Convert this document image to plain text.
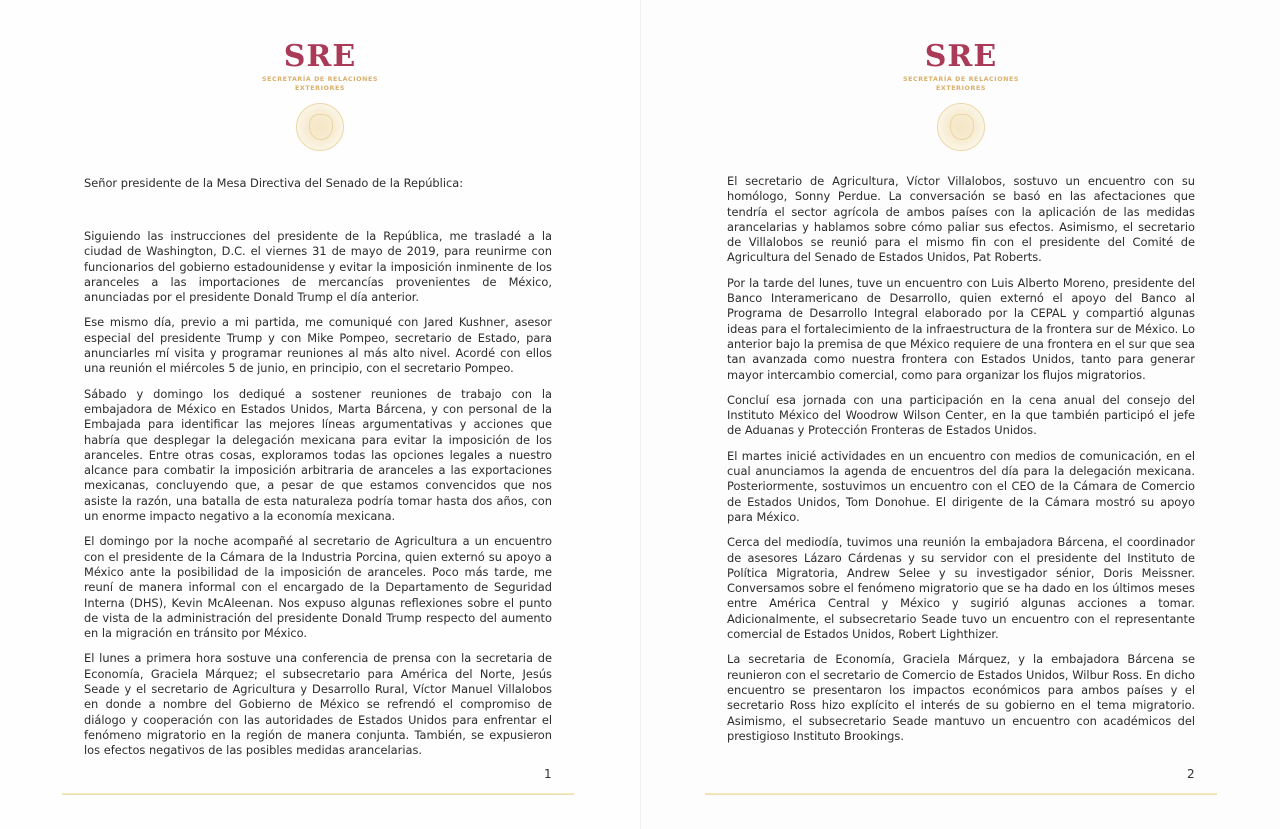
SRE
SECRETARÍA DE RELACIONES
EXTERIORES
Señor presidente de la Mesa Directiva del Senado de la República:

Siguiendo las instrucciones del presidente de la República, me trasladé a la ciudad de Washington, D.C. el viernes 31 de mayo de 2019, para reunirme con funcionarios del gobierno estadounidense y evitar la imposición inminente de los aranceles a las importaciones de mercancías provenientes de México, anunciadas por el presidente Donald Trump el día anterior.

Ese mismo día, previo a mi partida, me comuniqué con Jared Kushner, asesor especial del presidente Trump y con Mike Pompeo, secretario de Estado, para anunciarles mí visita y programar reuniones al más alto nivel. Acordé con ellos una reunión el miércoles 5 de junio, en principio, con el secretario Pompeo.

Sábado y domingo los dediqué a sostener reuniones de trabajo con la embajadora de México en Estados Unidos, Marta Bárcena, y con personal de la Embajada para identificar las mejores líneas argumentativas y acciones que habría que desplegar la delegación mexicana para evitar la imposición de los aranceles. Entre otras cosas, exploramos todas las opciones legales a nuestro alcance para combatir la imposición arbitraria de aranceles a las exportaciones mexicanas, concluyendo que, a pesar de que estamos convencidos que nos asiste la razón, una batalla de esta naturaleza podría tomar hasta dos años, con un enorme impacto negativo a la economía mexicana.

El domingo por la noche acompañé al secretario de Agricultura a un encuentro con el presidente de la Cámara de la Industria Porcina, quien externó su apoyo a México ante la posibilidad de la imposición de aranceles. Poco más tarde, me reuní de manera informal con el encargado de la Departamento de Seguridad Interna (DHS), Kevin McAleenan. Nos expuso algunas reflexiones sobre el punto de vista de la administración del presidente Donald Trump respecto del aumento en la migración en tránsito por México.

El lunes a primera hora sostuve una conferencia de prensa con la secretaria de Economía, Graciela Márquez; el subsecretario para América del Norte, Jesús Seade y el secretario de Agricultura y Desarrollo Rural, Víctor Manuel Villalobos en donde a nombre del Gobierno de México se refrendó el compromiso de diálogo y cooperación con las autoridades de Estados Unidos para enfrentar el fenómeno migratorio en la región de manera conjunta. También, se expusieron los efectos negativos de las posibles medidas arancelarias.

1
SRE
SECRETARÍA DE RELACIONES
EXTERIORES

El secretario de Agricultura, Víctor Villalobos, sostuvo un encuentro con su homólogo, Sonny Perdue. La conversación se basó en las afectaciones que tendría el sector agrícola de ambos países con la aplicación de las medidas arancelarias y hablamos sobre cómo paliar sus efectos. Asimismo, el secretario de Villalobos se reunió para el mismo fin con el presidente del Comité de Agricultura del Senado de Estados Unidos, Pat Roberts.

Por la tarde del lunes, tuve un encuentro con Luis Alberto Moreno, presidente del Banco Interamericano de Desarrollo, quien externó el apoyo del Banco al Programa de Desarrollo Integral elaborado por la CEPAL y compartió algunas ideas para el fortalecimiento de la infraestructura de la frontera sur de México. Lo anterior bajo la premisa de que México requiere de una frontera en el sur que sea tan avanzada como nuestra frontera con Estados Unidos, tanto para generar mayor intercambio comercial, como para organizar los flujos migratorios.

Concluí esa jornada con una participación en la cena anual del consejo del Instituto México del Woodrow Wilson Center, en la que también participó el jefe de Aduanas y Protección Fronteras de Estados Unidos.

El martes inicié actividades en un encuentro con medios de comunicación, en el cual anunciamos la agenda de encuentros del día para la delegación mexicana. Posteriormente, sostuvimos un encuentro con el CEO de la Cámara de Comercio de Estados Unidos, Tom Donohue. El dirigente de la Cámara mostró su apoyo para México.

Cerca del mediodía, tuvimos una reunión la embajadora Bárcena, el coordinador de asesores Lázaro Cárdenas y su servidor con el presidente del Instituto de Política Migratoria, Andrew Selee y su investigador sénior, Doris Meissner. Conversamos sobre el fenómeno migratorio que se ha dado en los últimos meses entre América Central y México y sugirió algunas acciones a tomar. Adicionalmente, el subsecretario Seade tuvo un encuentro con el representante comercial de Estados Unidos, Robert Lighthizer.

La secretaria de Economía, Graciela Márquez, y la embajadora Bárcena se reunieron con el secretario de Comercio de Estados Unidos, Wilbur Ross. En dicho encuentro se presentaron los impactos económicos para ambos países y el secretario Ross hizo explícito el interés de su gobierno en el tema migratorio. Asimismo, el subsecretario Seade mantuvo un encuentro con académicos del prestigioso Instituto Brookings.

2
